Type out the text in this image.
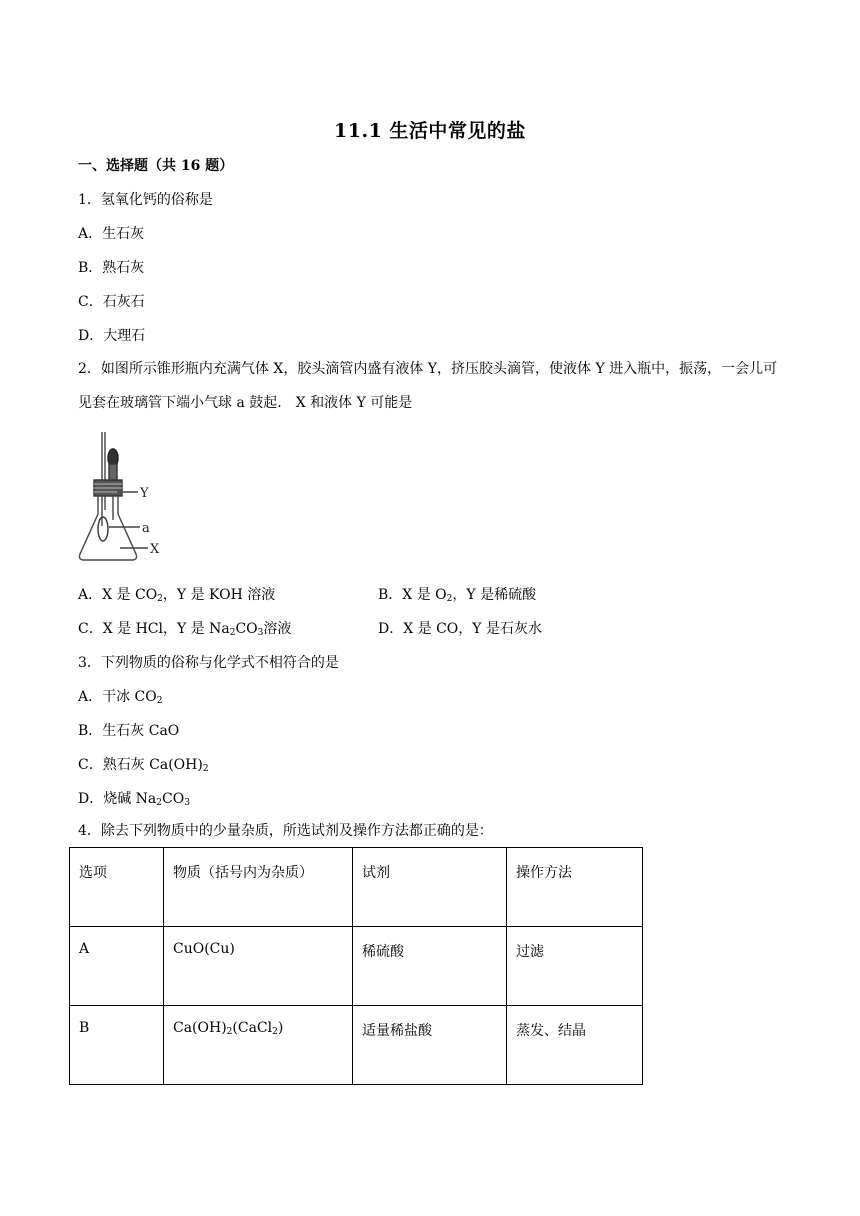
11.1 生活中常见的盐
一、选择题（共 16 题）
1．氢氧化钙的俗称是
A．生石灰
B．熟石灰
C．石灰石
D．大理石
2．如图所示锥形瓶内充满气体 X，胶头滴管内盛有液体 Y，挤压胶头滴管，使液体 Y 进入瓶中，振荡，一会儿可见套在玻璃管下端小气球 a 鼓起． X 和液体 Y 可能是
Y
a
X
A．X 是 $CO_2$，Y 是 KOH 溶液	B．X 是 $O_2$，Y 是稀硫酸
C．X 是 HCl，Y 是 $Na_2CO_3$溶液	D．X 是 CO，Y 是石灰水
3．下列物质的俗称与化学式不相符合的是
A．干冰 $CO_2$
B．生石灰 CaO
C．熟石灰 $Ca(OH)_2$
D．烧碱 $Na_2CO_3$
4．除去下列物质中的少量杂质，所选试剂及操作方法都正确的是：
选项	物质（括号内为杂质）	试剂	操作方法
A	CuO(Cu)	稀硫酸	过滤
B	$Ca(OH)_2(CaCl_2)$	适量稀盐酸	蒸发、结晶
